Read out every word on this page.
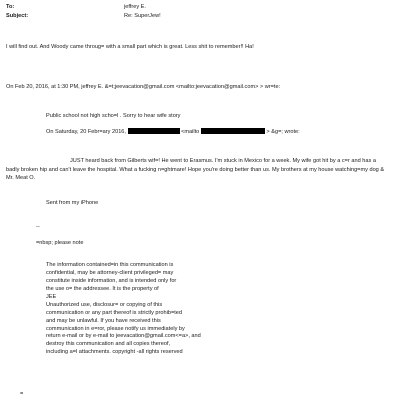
To:	jeffrey E.
Subject:	Re: SuperJew!

I will find out. And Woody came throug= with a small part which is great. Less shit to remember!! Ha!

On Feb 20, 2016, at 1:30 PM, jeffrey E. &=t;jeevacation@gmail.com <mailto:jeevacation@gmail.com> > wr=te:

Public school not high scho=l . Sorry to hear wife story

On Saturday, 20 Febr=ary 2016,	<mailto	> &g=; wrote:

JUST heard back from Gilberts wif=! He went to Erasmus. I'm stuck in Mexico for a week. My wife got hit by a c=r and has a badly broken hip and can't leave the hospital. What a fucking n=ghtmare! Hope you're doing better than us. My brothers at my house watching=my dog & Mr. Meat O.

Sent from my iPhone

--

=nbsp; please note

The information contained=in this communication is

confidential, may be attorney-client privileged= may

constitute inside information, and is intended only for

the use o= the addressee. It is the property of

JEE

Unauthorized use, disclosur= or copying of this

communication or any part thereof is strictly prohib=ted

and may be unlawful. If you have received this

communication in e=ror, please notify us immediately by

return e-mail or by e-mail to jeevacation@gmail.com<=a>, and

destroy this communication and all copies thereof,

including a=l attachments. copyright -all rights reserved

=
